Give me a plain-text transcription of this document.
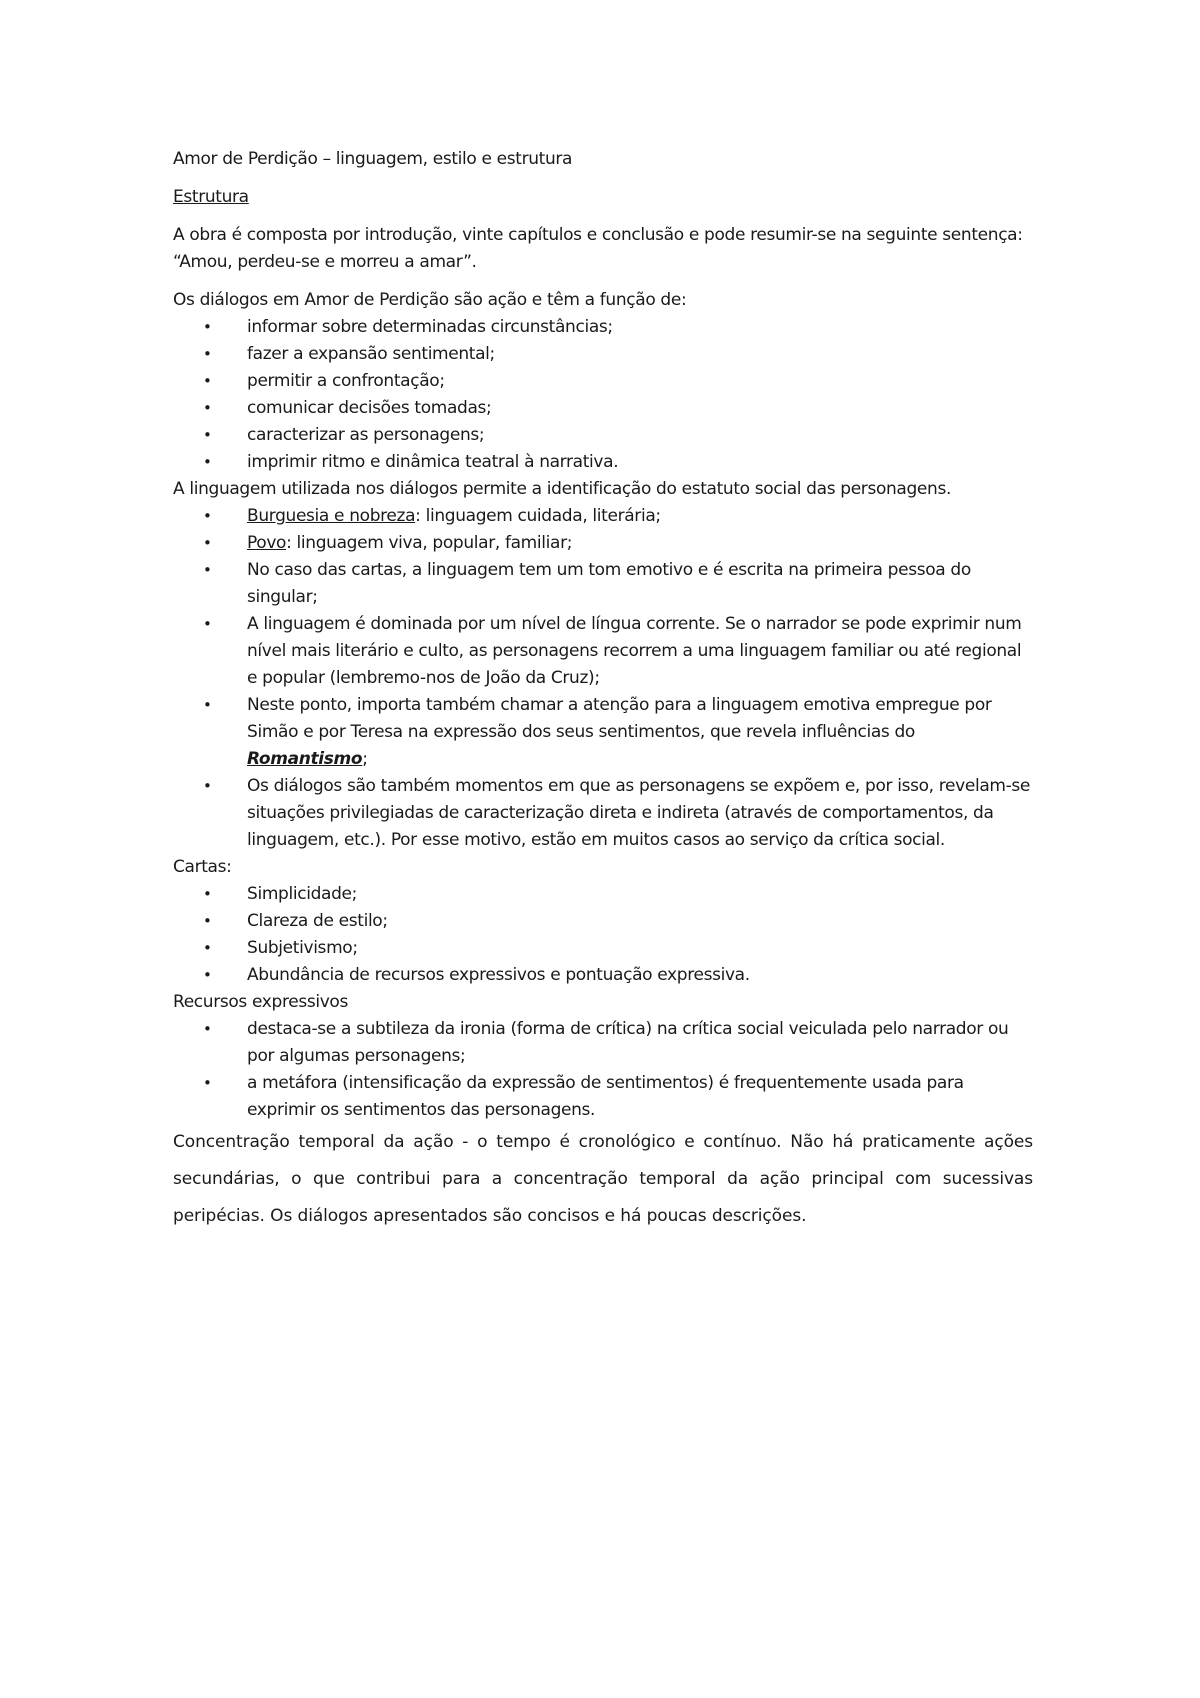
Amor de Perdição – linguagem, estilo e estrutura

Estrutura

A obra é composta por introdução, vinte capítulos e conclusão e pode resumir-se na seguinte sentença: “Amou, perdeu-se e morreu a amar”.

Os diálogos em Amor de Perdição são ação e têm a função de:

• informar sobre determinadas circunstâncias;
• fazer a expansão sentimental;
• permitir a confrontação;
• comunicar decisões tomadas;
• caracterizar as personagens;
• imprimir ritmo e dinâmica teatral à narrativa.

A linguagem utilizada nos diálogos permite a identificação do estatuto social das personagens.

• Burguesia e nobreza: linguagem cuidada, literária;
• Povo: linguagem viva, popular, familiar;
• No caso das cartas, a linguagem tem um tom emotivo e é escrita na primeira pessoa do singular;
• A linguagem é dominada por um nível de língua corrente. Se o narrador se pode exprimir num nível mais literário e culto, as personagens recorrem a uma linguagem familiar ou até regional e popular (lembremo-nos de João da Cruz);
• Neste ponto, importa também chamar a atenção para a linguagem emotiva empregue por Simão e por Teresa na expressão dos seus sentimentos, que revela influências do Romantismo;
• Os diálogos são também momentos em que as personagens se expõem e, por isso, revelam-se situações privilegiadas de caracterização direta e indireta (através de comportamentos, da linguagem, etc.). Por esse motivo, estão em muitos casos ao serviço da crítica social.

Cartas:

• Simplicidade;
• Clareza de estilo;
• Subjetivismo;
• Abundância de recursos expressivos e pontuação expressiva.

Recursos expressivos

• destaca-se a subtileza da ironia (forma de crítica) na crítica social veiculada pelo narrador ou por algumas personagens;
• a metáfora (intensificação da expressão de sentimentos) é frequentemente usada para exprimir os sentimentos das personagens.

Concentração temporal da ação - o tempo é cronológico e contínuo. Não há praticamente ações secundárias, o que contribui para a concentração temporal da ação principal com sucessivas peripécias. Os diálogos apresentados são concisos e há poucas descrições.
